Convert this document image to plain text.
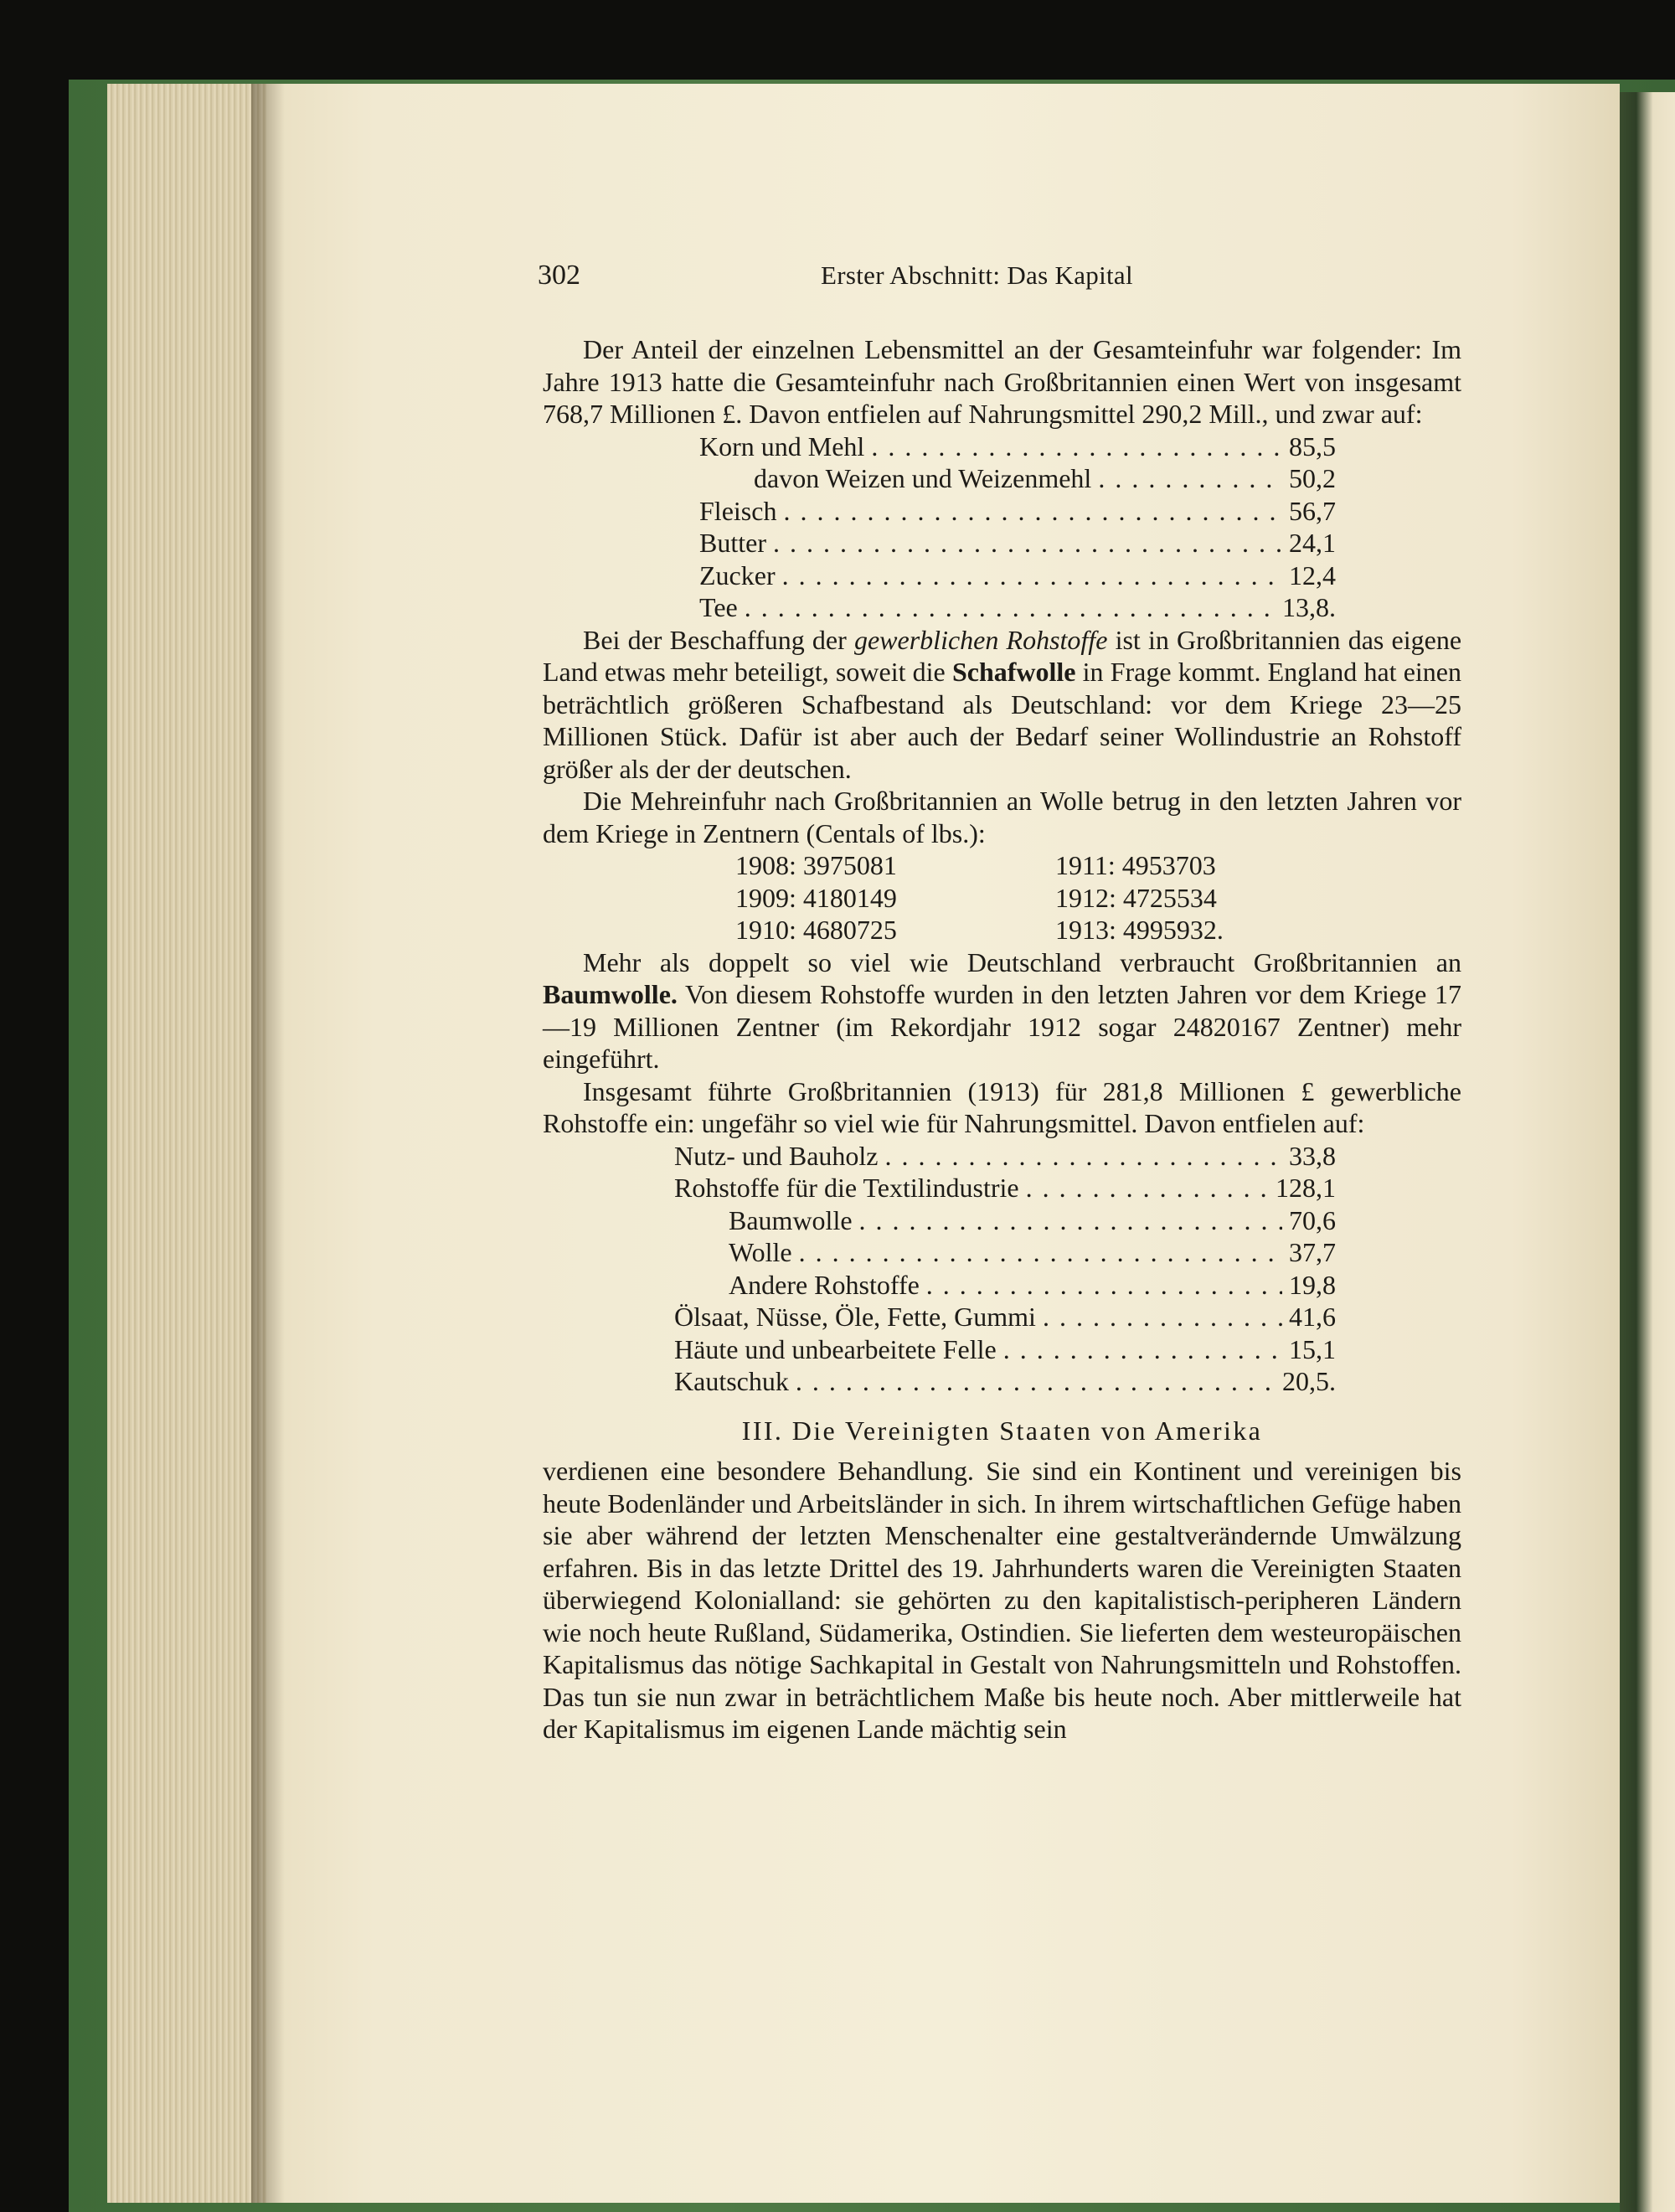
302	Erster Abschnitt: Das Kapital

Der Anteil der einzelnen Lebensmittel an der Gesamteinfuhr war folgender: Im Jahre 1913 hatte die Gesamteinfuhr nach Großbritannien einen Wert von insgesamt 768,7 Millionen £. Davon entfielen auf Nahrungsmittel 290,2 Mill., und zwar auf:

Korn und Mehl . . .	85,5
davon Weizen und Weizenmehl . . .	50,2
Fleisch . . .	56,7
Butter . . .	24,1
Zucker . . .	12,4
Tee . . .	13,8.

Bei der Beschaffung der gewerblichen Rohstoffe ist in Großbritannien das eigene Land etwas mehr beteiligt, soweit die Schafwolle in Frage kommt. England hat einen beträchtlich größeren Schafbestand als Deutschland: vor dem Kriege 23—25 Millionen Stück. Dafür ist aber auch der Bedarf seiner Wollindustrie an Rohstoff größer als der der deutschen.

Die Mehreinfuhr nach Großbritannien an Wolle betrug in den letzten Jahren vor dem Kriege in Zentnern (Centals of lbs.):

1908: 3975081	1911: 4953703
1909: 4180149	1912: 4725534
1910: 4680725	1913: 4995932.

Mehr als doppelt so viel wie Deutschland verbraucht Großbritannien an Baumwolle. Von diesem Rohstoffe wurden in den letzten Jahren vor dem Kriege 17—19 Millionen Zentner (im Rekordjahr 1912 sogar 24820167 Zentner) mehr eingeführt.

Insgesamt führte Großbritannien (1913) für 281,8 Millionen £ gewerbliche Rohstoffe ein: ungefähr so viel wie für Nahrungsmittel. Davon entfielen auf:

Nutz- und Bauholz . . .	33,8
Rohstoffe für die Textilindustrie . . .	128,1
Baumwolle . . .	70,6
Wolle . . .	37,7
Andere Rohstoffe . . .	19,8
Ölsaat, Nüsse, Öle, Fette, Gummi . . .	41,6
Häute und unbearbeitete Felle . . .	15,1
Kautschuk . . .	20,5.
III. Die Vereinigten Staaten von Amerika

verdienen eine besondere Behandlung. Sie sind ein Kontinent und vereinigen bis heute Bodenländer und Arbeitsländer in sich. In ihrem wirtschaftlichen Gefüge haben sie aber während der letzten Menschenalter eine gestaltverändernde Umwälzung erfahren. Bis in das letzte Drittel des 19. Jahrhunderts waren die Vereinigten Staaten überwiegend Kolonialland: sie gehörten zu den kapitalistisch-peripheren Ländern wie noch heute Rußland, Südamerika, Ostindien. Sie lieferten dem westeuropäischen Kapitalismus das nötige Sachkapital in Gestalt von Nahrungsmitteln und Rohstoffen. Das tun sie nun zwar in beträchtlichem Maße bis heute noch. Aber mittlerweile hat der Kapitalismus im eigenen Lande mächtig sein
